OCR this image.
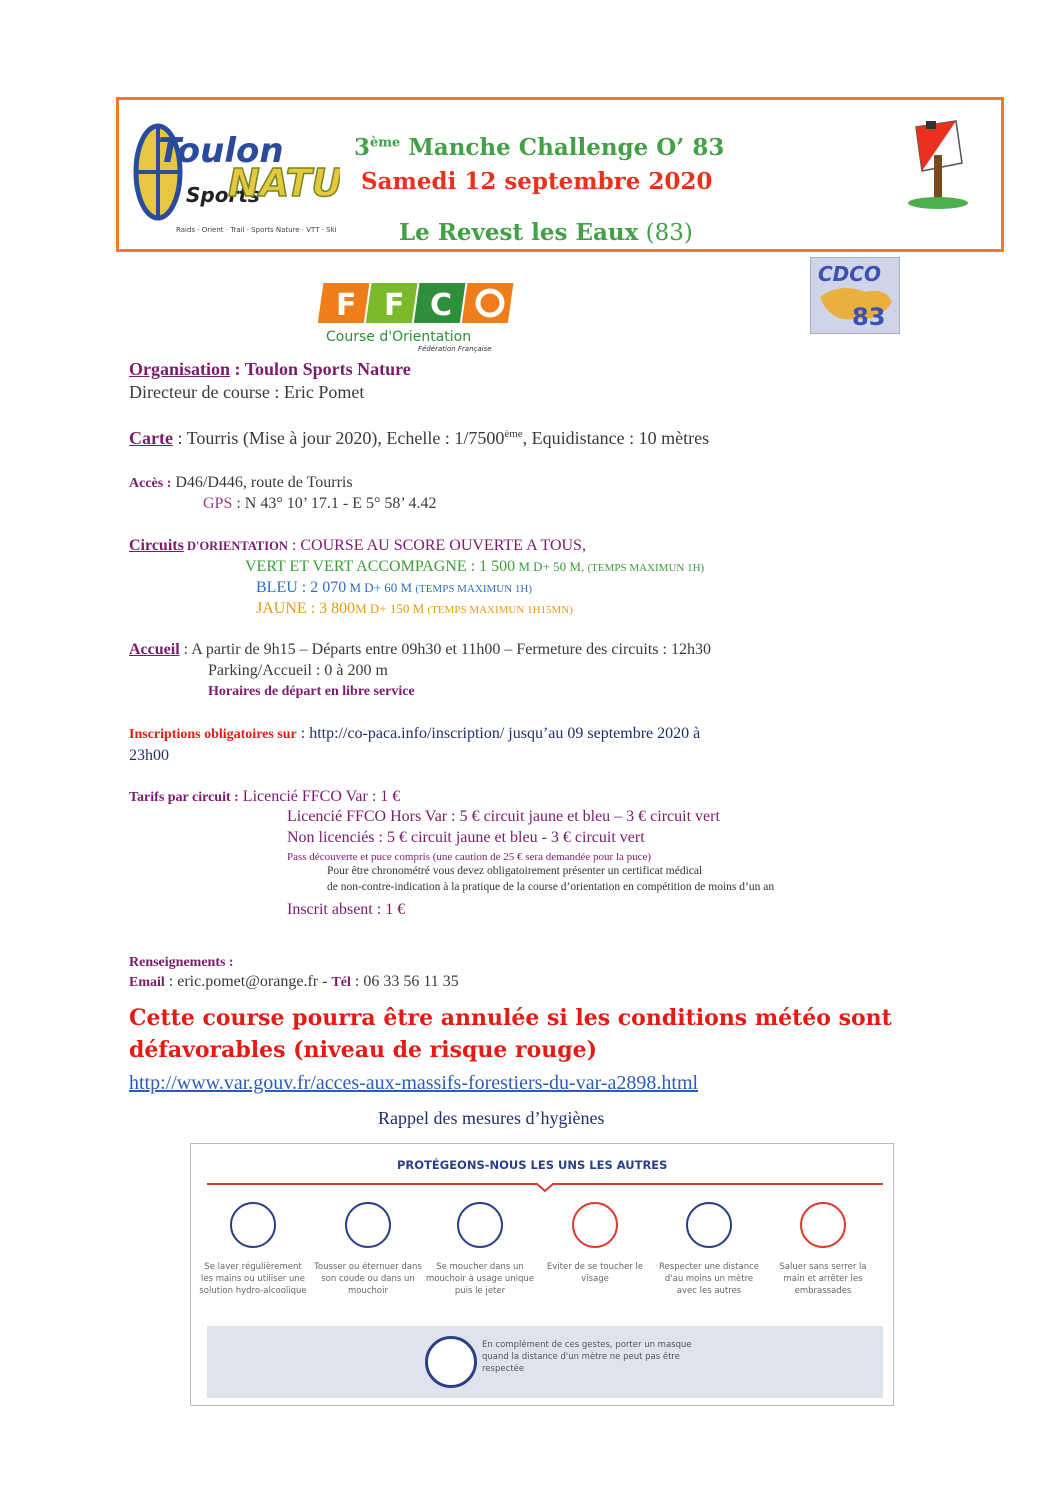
Toulon
Sports
NATU
Raids · Orient · Trail · Sports Nature · VTT · Ski
3ème Manche Challenge O’ 83
Samedi 12 septembre 2020
Le Revest les Eaux (83)
F F C
Course d'Orientation
Fédération Française
CDCO
83
Organisation : Toulon Sports Nature
Directeur de course : Eric Pomet
Carte : Tourris (Mise à jour 2020), Echelle : 1/7500ème, Equidistance : 10 mètres
Accès : D46/D446, route de Tourris
GPS : N 43° 10’ 17.1 - E 5° 58’ 4.42
Circuits D'ORIENTATION : COURSE AU SCORE OUVERTE A TOUS,
VERT ET VERT ACCOMPAGNE : 1 500 M D+ 50 M, (TEMPS MAXIMUN 1H)
BLEU : 2 070 M D+ 60 M (TEMPS MAXIMUN 1H)
JAUNE : 3 800M D+ 150 M (TEMPS MAXIMUN 1H15MN)
Accueil : A partir de 9h15 – Départs entre 09h30 et 11h00 – Fermeture des circuits : 12h30
Parking/Accueil : 0 à 200 m
Horaires de départ en libre service
Inscriptions obligatoires sur : http://co-paca.info/inscription/ jusqu’au 09 septembre 2020 à
23h00
Tarifs par circuit : Licencié FFCO Var : 1 €
Licencié FFCO Hors Var : 5 € circuit jaune et bleu – 3 € circuit vert
Non licenciés : 5 € circuit jaune et bleu - 3 € circuit vert
Pass découverte et puce compris (une caution de 25 € sera demandée pour la puce)
Pour être chronométré vous devez obligatoirement présenter un certificat médical
de non-contre-indication à la pratique de la course d’orientation en compétition de moins d’un an
Inscrit absent : 1 €
Renseignements :
Email : eric.pomet@orange.fr - Tél : 06 33 56 11 35
Cette course pourra être annulée si les conditions météo sont
défavorables (niveau de risque rouge)
http://www.var.gouv.fr/acces-aux-massifs-forestiers-du-var-a2898.html
Rappel des mesures d’hygiènes
PROTÉGEONS-NOUS LES UNS LES AUTRES
Se laver régulièrement les mains ou utiliser une solution hydro-alcoolique
Tousser ou éternuer dans son coude ou dans un mouchoir
Se moucher dans un mouchoir à usage unique puis le jeter
Eviter de se toucher le visage
Respecter une distance d'au moins un mètre avec les autres
Saluer sans serrer la main et arrêter les embrassades
En complément de ces gestes, porter un masque quand la distance d'un mètre ne peut pas être respectée
